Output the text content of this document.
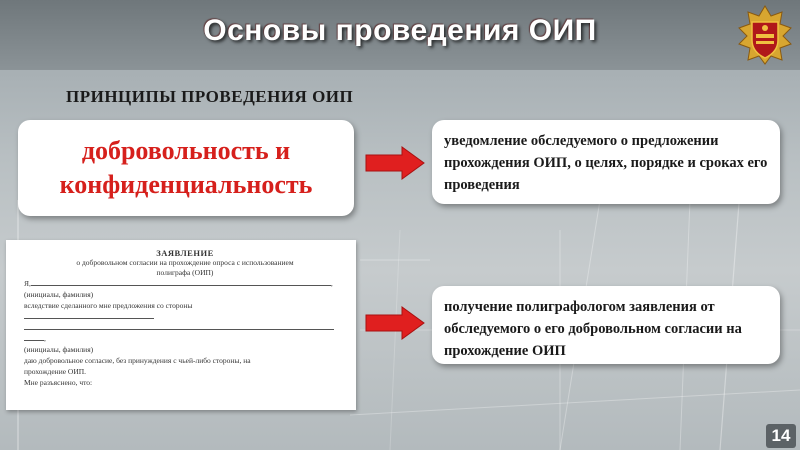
Основы проведения ОИП
ПРИНЦИПЫ ПРОВЕДЕНИЯ ОИП
добровольность и
конфиденциальность
уведомление обследуемого о предложении прохождения ОИП, о целях, порядке и сроках его проведения
получение полиграфологом заявления от обследуемого о его добровольном согласии на прохождение ОИП
ЗАЯВЛЕНИЕ
о добровольном согласии на прохождение опроса с использованием
полиграфа (ОИП)
Я,	,
(инициалы, фамилия)
вследствие сделанного мне предложения со стороны
,
(инициалы, фамилия)
даю добровольное согласие, без принуждения с чьей-либо стороны, на
прохождение ОИП.
Мне разъяснено, что:
14
